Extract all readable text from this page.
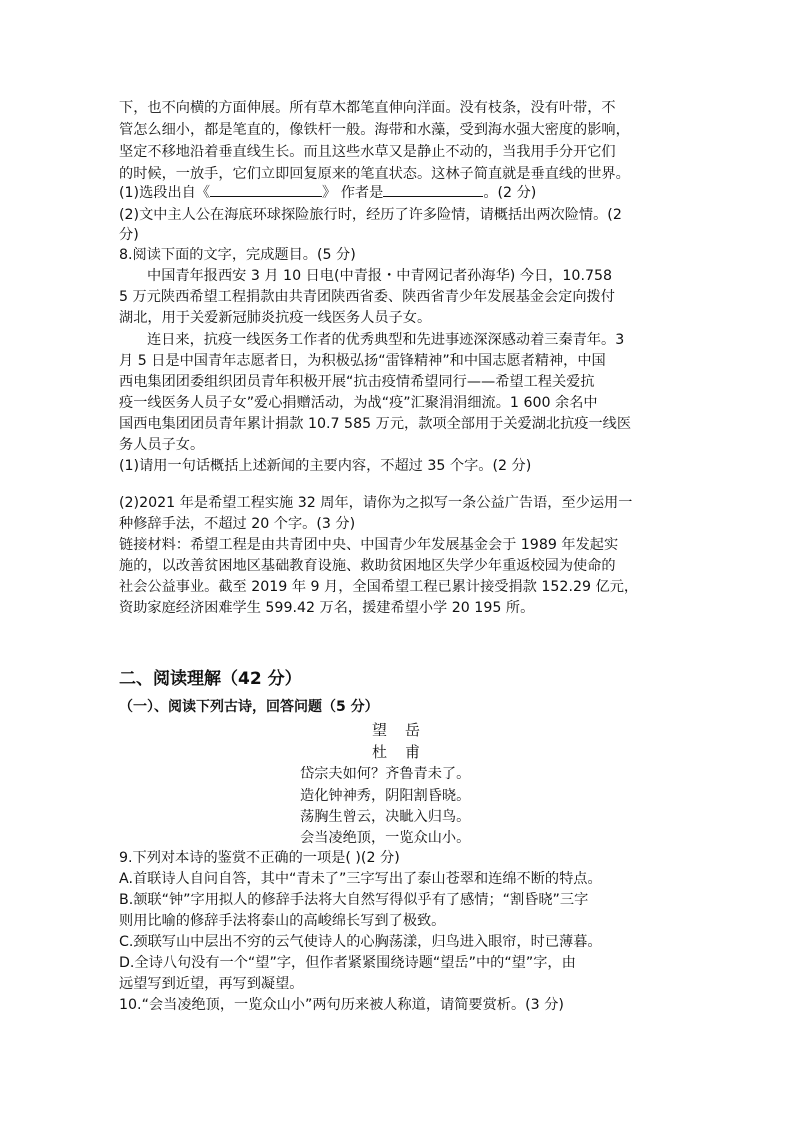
下，也不向横的方面伸展。所有草木都笔直伸向洋面。没有枝条，没有叶带，不
管怎么细小，都是笔直的，像铁杆一般。海带和水藻，受到海水强大密度的影响，
坚定不移地沿着垂直线生长。而且这些水草又是静止不动的，当我用手分开它们
的时候，一放手，它们立即回复原来的笔直状态。这林子简直就是垂直线的世界。
(1)选段出自《	》 作者是	。(2 分)
(2)文中主人公在海底环球探险旅行时，经历了许多险情，请概括出两次险情。(2
分)
8.阅读下面的文字，完成题目。(5 分)
中国青年报西安 3 月 10 日电(中青报・中青网记者孙海华) 今日，10.758
5 万元陕西希望工程捐款由共青团陕西省委、陕西省青少年发展基金会定向拨付
湖北，用于关爱新冠肺炎抗疫一线医务人员子女。
连日来，抗疫一线医务工作者的优秀典型和先进事迹深深感动着三秦青年。3
月 5 日是中国青年志愿者日，为积极弘扬“雷锋精神”和中国志愿者精神，中国
西电集团团委组织团员青年积极开展“抗击疫情希望同行——希望工程关爱抗
疫一线医务人员子女”爱心捐赠活动，为战“疫”汇聚涓涓细流。1 600 余名中
国西电集团团员青年累计捐款 10.7 585 万元，款项全部用于关爱湖北抗疫一线医
务人员子女。
(1)请用一句话概括上述新闻的主要内容，不超过 35 个字。(2 分)
(2)2021 年是希望工程实施 32 周年，请你为之拟写一条公益广告语，至少运用一
种修辞手法，不超过 20 个字。(3 分)
链接材料：希望工程是由共青团中央、中国青少年发展基金会于 1989 年发起实
施的，以改善贫困地区基础教育设施、救助贫困地区失学少年重返校园为使命的
社会公益事业。截至 2019 年 9 月，全国希望工程已累计接受捐款 152.29 亿元，
资助家庭经济困难学生 599.42 万名，援建希望小学 20 195 所。
二、阅读理解（42 分）
（一）、阅读下列古诗，回答问题（5 分）
望岳
杜甫
岱宗夫如何？齐鲁青未了。
造化钟神秀，阴阳割昏晓。
荡胸生曾云，决眦入归鸟。
会当凌绝顶，一览众山小。
9.下列对本诗的鉴赏不正确的一项是( )(2 分)
A.首联诗人自问自答，其中“青未了”三字写出了泰山苍翠和连绵不断的特点。
B.颔联“钟”字用拟人的修辞手法将大自然写得似乎有了感情；“割昏晓”三字
则用比喻的修辞手法将泰山的高峻绵长写到了极致。
C.颈联写山中层出不穷的云气使诗人的心胸荡漾，归鸟进入眼帘，时已薄暮。
D.全诗八句没有一个“望”字，但作者紧紧围绕诗题“望岳”中的“望”字，由
远望写到近望，再写到凝望。
10.“会当凌绝顶，一览众山小”两句历来被人称道，请简要赏析。(3 分)
